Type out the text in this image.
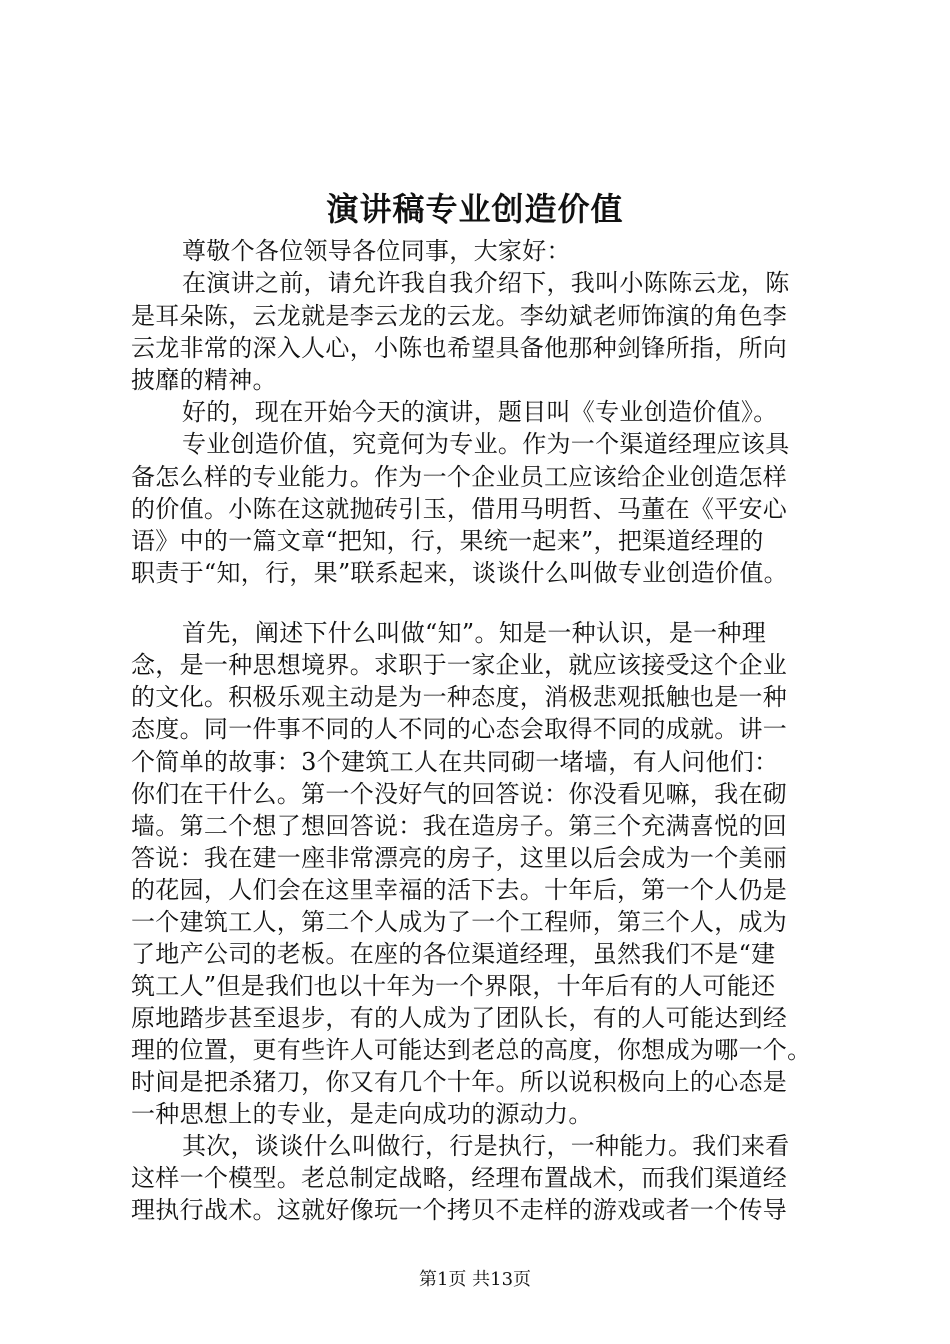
演讲稿专业创造价值
尊敬个各位领导各位同事，大家好：
在演讲之前，请允许我自我介绍下，我叫小陈陈云龙，陈
是耳朵陈，云龙就是李云龙的云龙。李幼斌老师饰演的角色李
云龙非常的深入人心，小陈也希望具备他那种剑锋所指，所向
披靡的精神。
好的，现在开始今天的演讲，题目叫《专业创造价值》。
专业创造价值，究竟何为专业。作为一个渠道经理应该具
备怎么样的专业能力。作为一个企业员工应该给企业创造怎样
的价值。小陈在这就抛砖引玉，借用马明哲、马董在《平安心
语》中的一篇文章“把知，行，果统一起来”，把渠道经理的
职责于“知，行，果”联系起来，谈谈什么叫做专业创造价值。
首先，阐述下什么叫做“知”。知是一种认识，是一种理
念，是一种思想境界。求职于一家企业，就应该接受这个企业
的文化。积极乐观主动是为一种态度，消极悲观抵触也是一种
态度。同一件事不同的人不同的心态会取得不同的成就。讲一
个简单的故事：3个建筑工人在共同砌一堵墙，有人问他们：
你们在干什么。第一个没好气的回答说：你没看见嘛，我在砌
墙。第二个想了想回答说：我在造房子。第三个充满喜悦的回
答说：我在建一座非常漂亮的房子，这里以后会成为一个美丽
的花园，人们会在这里幸福的活下去。十年后，第一个人仍是
一个建筑工人，第二个人成为了一个工程师，第三个人，成为
了地产公司的老板。在座的各位渠道经理，虽然我们不是“建
筑工人”但是我们也以十年为一个界限，十年后有的人可能还
原地踏步甚至退步，有的人成为了团队长，有的人可能达到经
理的位置，更有些许人可能达到老总的高度，你想成为哪一个。
时间是把杀猪刀，你又有几个十年。所以说积极向上的心态是
一种思想上的专业，是走向成功的源动力。
其次，谈谈什么叫做行，行是执行，一种能力。我们来看
这样一个模型。老总制定战略，经理布置战术，而我们渠道经
理执行战术。这就好像玩一个拷贝不走样的游戏或者一个传导
第1页 共13页
